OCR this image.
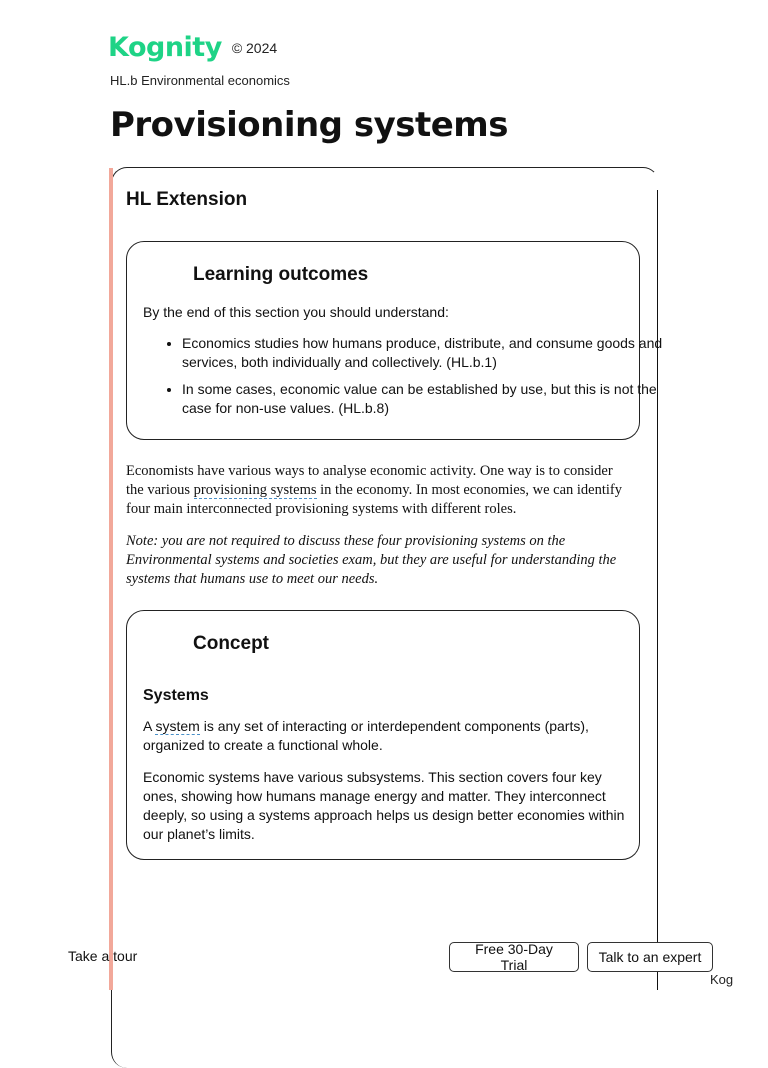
Kognity © 2024
HL.b Environmental economics
Provisioning systems
HL Extension
Learning outcomes

By the end of this section you should understand:

• Economics studies how humans produce, distribute, and consume goods and services, both individually and collectively. (HL.b.1)
• In some cases, economic value can be established by use, but this is not the case for non-use values. (HL.b.8)

Economists have various ways to analyse economic activity. One way is to consider the various provisioning systems in the economy. In most economies, we can identify four main interconnected provisioning systems with different roles.

Note: you are not required to discuss these four provisioning systems on the Environmental systems and societies exam, but they are useful for understanding the systems that humans use to meet our needs.

Concept
Systems

A system is any set of interacting or interdependent components (parts), organized to create a functional whole.

Economic systems have various subsystems. This section covers four key ones, showing how humans manage energy and matter. They interconnect deeply, so using a systems approach helps us design better economies within our planet’s limits.

Take a tour	Free 30-Day Trial	Talk to an expert
Kog
